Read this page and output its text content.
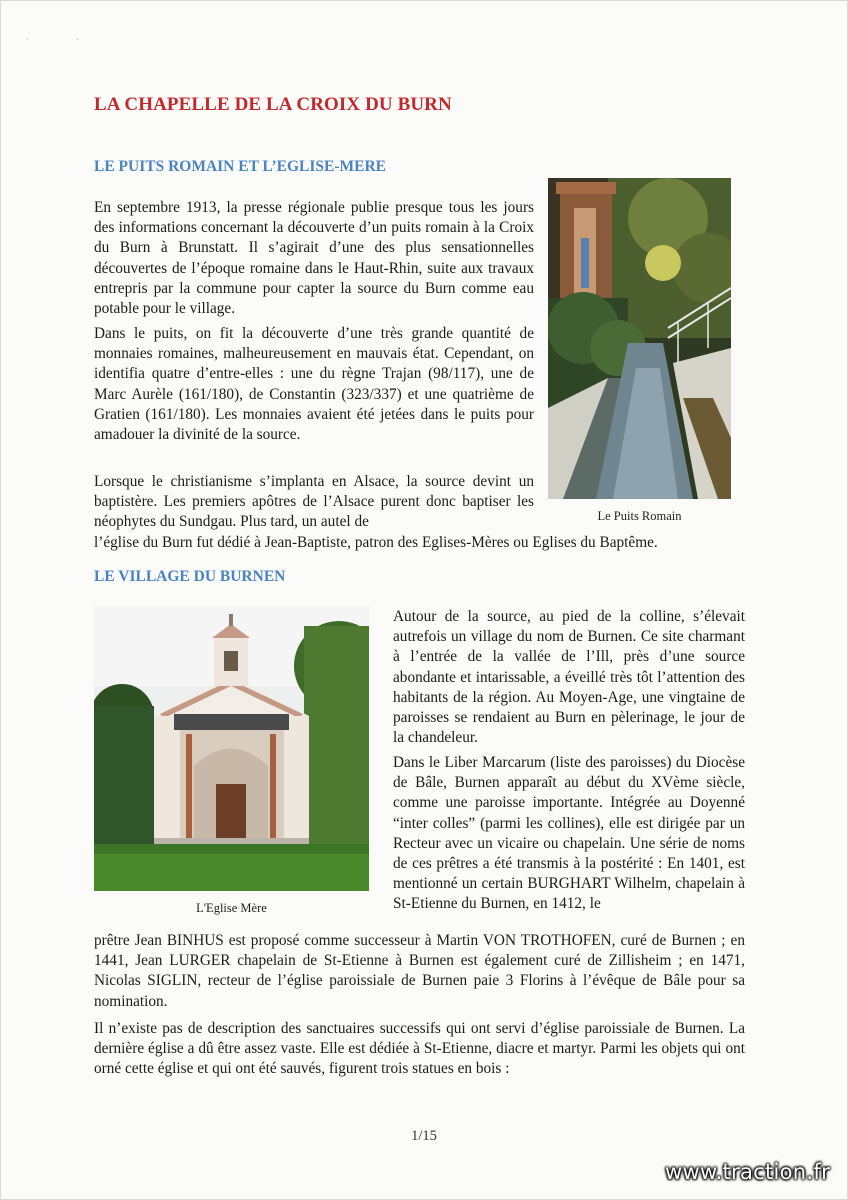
ˎ	ˏ
LA CHAPELLE DE LA CROIX DU BURN
LE PUITS ROMAIN ET L’EGLISE-MERE

En septembre 1913, la presse régionale publie presque tous les jours des informations concernant la découverte d’un puits romain à la Croix du Burn à Brunstatt. Il s’agirait d’une des plus sensationnelles découvertes de l’époque romaine dans le Haut-Rhin, suite aux travaux entrepris par la commune pour capter la source du Burn comme eau potable pour le village.

Dans le puits, on fit la découverte d’une très grande quantité de monnaies romaines, malheureusement en mauvais état. Cependant, on identifia quatre d’entre-elles : une du règne Trajan (98/117), une de Marc Aurèle (161/180), de Constantin (323/337) et une quatrième de Gratien (161/180). Les monnaies avaient été jetées dans le puits pour amadouer la divinité de la source.

Lorsque le christianisme s’implanta en Alsace, la source devint un baptistère. Les premiers apôtres de l’Alsace purent donc baptiser les néophytes du Sundgau. Plus tard, un autel de

l’église du Burn fut dédié à Jean-Baptiste, patron des Eglises-Mères ou Eglises du Baptême.

Le Puits Romain

LE VILLAGE DU BURNEN

L'Eglise Mère

Autour de la source, au pied de la colline, s’élevait autrefois un village du nom de Burnen. Ce site charmant à l’entrée de la vallée de l’Ill, près d’une source abondante et intarissable, a éveillé très tôt l’attention des habitants de la région. Au Moyen-Age, une vingtaine de paroisses se rendaient au Burn en pèlerinage, le jour de la chandeleur.

Dans le Liber Marcarum (liste des paroisses) du Diocèse de Bâle, Burnen apparaît au début du XVème siècle, comme une paroisse importante. Intégrée au Doyenné “inter colles” (parmi les collines), elle est dirigée par un Recteur avec un vicaire ou chapelain. Une série de noms de ces prêtres a été transmis à la postérité : En 1401, est mentionné un certain BURGHART Wilhelm, chapelain à St-Etienne du Burnen, en 1412, le

prêtre Jean BINHUS est proposé comme successeur à Martin VON TROTHOFEN, curé de Burnen ; en 1441, Jean LURGER chapelain de St-Etienne à Burnen est également curé de Zillisheim ; en 1471, Nicolas SIGLIN, recteur de l’église paroissiale de Burnen paie 3 Florins à l’évêque de Bâle pour sa nomination.

Il n’existe pas de description des sanctuaires successifs qui ont servi d’église paroissiale de Burnen. La dernière église a dû être assez vaste. Elle est dédiée à St-Etienne, diacre et martyr. Parmi les objets qui ont orné cette église et qui ont été sauvés, figurent trois statues en bois :

1/15

www.traction.fr
